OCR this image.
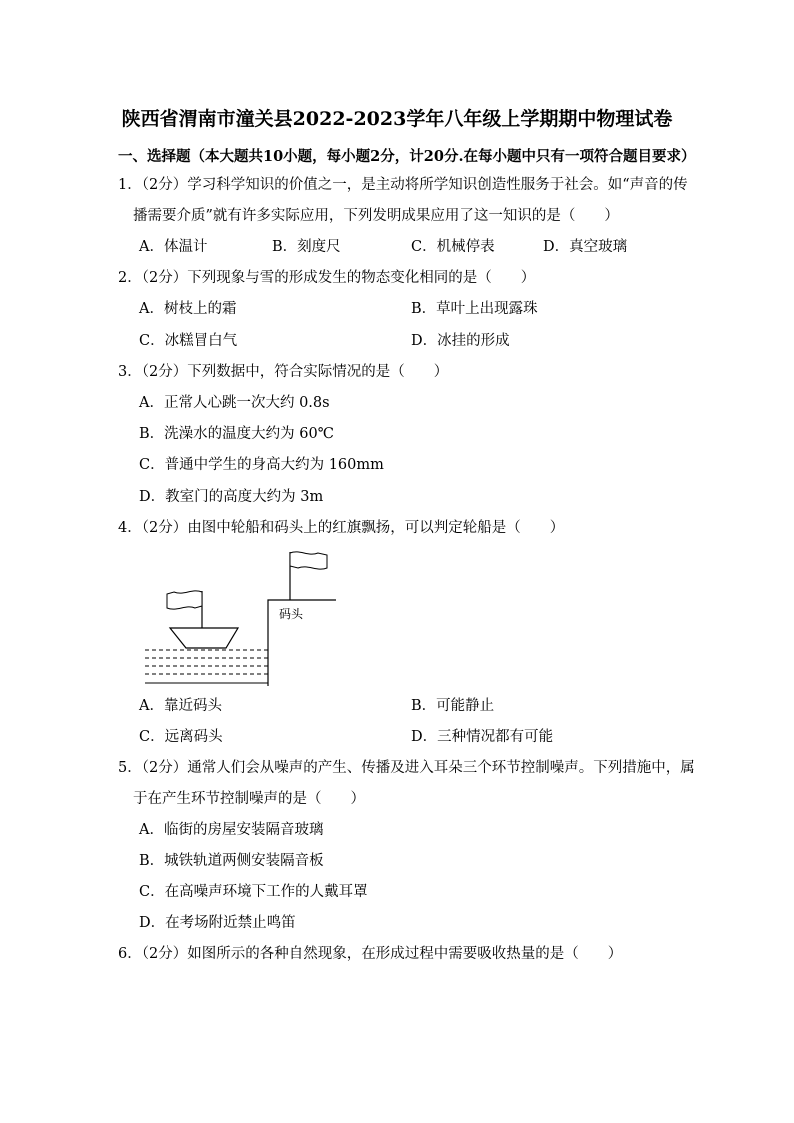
陕西省渭南市潼关县2022-2023学年八年级上学期期中物理试卷
一、选择题（本大题共10小题，每小题2分，计20分.在每小题中只有一项符合题目要求）
1．（2分）学习科学知识的价值之一，是主动将所学知识创造性服务于社会。如“声音的传
播需要介质”就有许多实际应用，下列发明成果应用了这一知识的是（　　）
A．体温计	B．刻度尺	C．机械停表	D．真空玻璃
2．（2分）下列现象与雪的形成发生的物态变化相同的是（　　）
A．树枝上的霜	B．草叶上出现露珠
C．冰糕冒白气	D．冰挂的形成
3．（2分）下列数据中，符合实际情况的是（　　）
A．正常人心跳一次大约 0.8s
B．洗澡水的温度大约为 60℃
C．普通中学生的身高大约为 160mm
D．教室门的高度大约为 3m
4．（2分）由图中轮船和码头上的红旗飘扬，可以判定轮船是（　　）
码头
A．靠近码头	B．可能静止
C．远离码头	D．三种情况都有可能
5．（2分）通常人们会从噪声的产生、传播及进入耳朵三个环节控制噪声。下列措施中，属
于在产生环节控制噪声的是（　　）
A．临街的房屋安装隔音玻璃
B．城铁轨道两侧安装隔音板
C．在高噪声环境下工作的人戴耳罩
D．在考场附近禁止鸣笛
6．（2分）如图所示的各种自然现象，在形成过程中需要吸收热量的是（　　）
